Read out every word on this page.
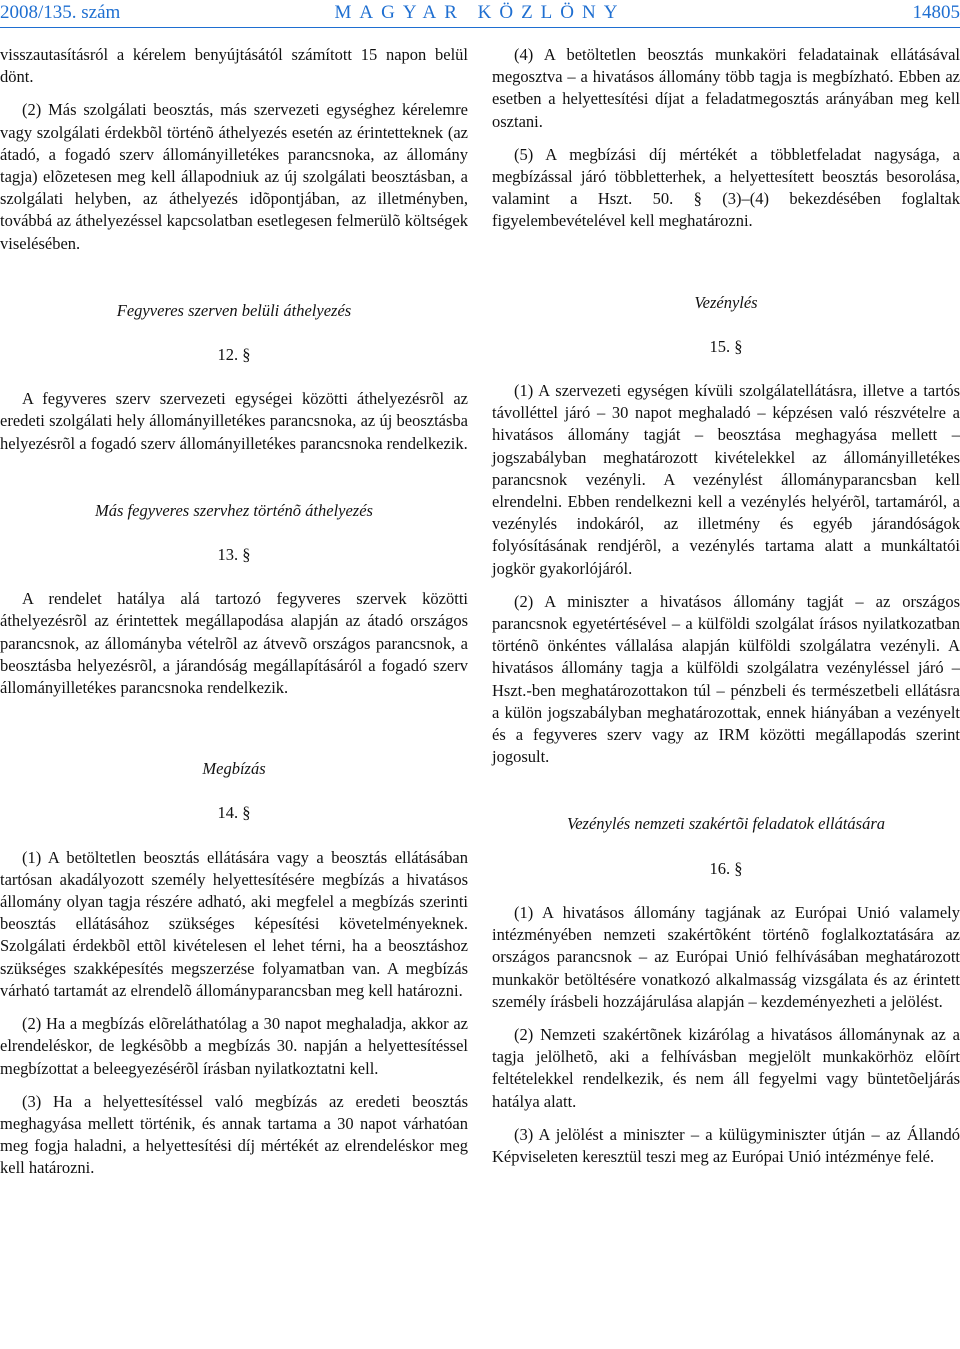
2008/135. szám	MAGYAR KÖZLÖNY	14805

visszautasításról a kérelem benyújtásától számított 15 napon belül dönt.

(2) Más szolgálati beosztás, más szervezeti egységhez kérelemre vagy szolgálati érdekbõl történõ áthelyezés esetén az érintetteknek (az átadó, a fogadó szerv állományilletékes parancsnoka, az állomány tagja) elõzetesen meg kell állapodniuk az új szolgálati beosztásban, a szolgálati helyben, az áthelyezés idõpontjában, az illetményben, továbbá az áthelyezéssel kapcsolatban esetlegesen felmerülõ költségek viselésében.

Fegyveres szerven belüli áthelyezés
12. §

A fegyveres szerv szervezeti egységei közötti áthelyezésrõl az eredeti szolgálati hely állományilletékes parancsnoka, az új beosztásba helyezésrõl a fogadó szerv állományilletékes parancsnoka rendelkezik.

Más fegyveres szervhez történõ áthelyezés
13. §

A rendelet hatálya alá tartozó fegyveres szervek közötti áthelyezésrõl az érintettek megállapodása alapján az átadó országos parancsnok, az állományba vételrõl az átvevõ országos parancsnok, a beosztásba helyezésrõl, a járandóság megállapításáról a fogadó szerv állományilletékes parancsnoka rendelkezik.

Megbízás
14. §

(1) A betöltetlen beosztás ellátására vagy a beosztás ellátásában tartósan akadályozott személy helyettesítésére megbízás a hivatásos állomány olyan tagja részére adható, aki megfelel a megbízás szerinti beosztás ellátásához szükséges képesítési követelményeknek. Szolgálati érdekbõl ettõl kivételesen el lehet térni, ha a beosztáshoz szükséges szakképesítés megszerzése folyamatban van. A megbízás várható tartamát az elrendelõ állományparancsban meg kell határozni.

(2) Ha a megbízás elõreláthatólag a 30 napot meghaladja, akkor az elrendeléskor, de legkésõbb a megbízás 30. napján a helyettesítéssel megbízottat a beleegyezésérõl írásban nyilatkoztatni kell.

(3) Ha a helyettesítéssel való megbízás az eredeti beosztás meghagyása mellett történik, és annak tartama a 30 napot várhatóan meg fogja haladni, a helyettesítési díj mértékét az elrendeléskor meg kell határozni.

(4) A betöltetlen beosztás munkaköri feladatainak ellátásával megosztva – a hivatásos állomány több tagja is megbízható. Ebben az esetben a helyettesítési díjat a feladatmegosztás arányában meg kell osztani.

(5) A megbízási díj mértékét a többletfeladat nagysága, a megbízással járó többletterhek, a helyettesített beosztás besorolása, valamint a Hszt. 50. § (3)–(4) bekezdésében foglaltak figyelembevételével kell meghatározni.

Vezénylés
15. §

(1) A szervezeti egységen kívüli szolgálatellátásra, illetve a tartós távolléttel járó – 30 napot meghaladó – képzésen való részvételre a hivatásos állomány tagját – beosztása meghagyása mellett – jogszabályban meghatározott kivételekkel az állományilletékes parancsnok vezényli. A vezénylést állományparancsban kell elrendelni. Ebben rendelkezni kell a vezénylés helyérõl, tartamáról, a vezénylés indokáról, az illetmény és egyéb járandóságok folyósításának rendjérõl, a vezénylés tartama alatt a munkáltatói jogkör gyakorlójáról.

(2) A miniszter a hivatásos állomány tagját – az országos parancsnok egyetértésével – a külföldi szolgálat írásos nyilatkozatban történõ önkéntes vállalása alapján külföldi szolgálatra vezényli. A hivatásos állomány tagja a külföldi szolgálatra vezényléssel járó – Hszt.-ben meghatározottakon túl – pénzbeli és természetbeli ellátásra a külön jogszabályban meghatározottak, ennek hiányában a vezényelt és a fegyveres szerv vagy az IRM közötti megállapodás szerint jogosult.

Vezénylés nemzeti szakértõi feladatok ellátására
16. §

(1) A hivatásos állomány tagjának az Európai Unió valamely intézményében nemzeti szakértõként történõ foglalkoztatására az országos parancsnok – az Európai Unió felhívásában meghatározott munkakör betöltésére vonatkozó alkalmasság vizsgálata és az érintett személy írásbeli hozzájárulása alapján – kezdeményezheti a jelölést.

(2) Nemzeti szakértõnek kizárólag a hivatásos állománynak az a tagja jelölhetõ, aki a felhívásban megjelölt munkakörhöz elõírt feltételekkel rendelkezik, és nem áll fegyelmi vagy büntetõeljárás hatálya alatt.

(3) A jelölést a miniszter – a külügyminiszter útján – az Állandó Képviseleten keresztül teszi meg az Európai Unió intézménye felé.
